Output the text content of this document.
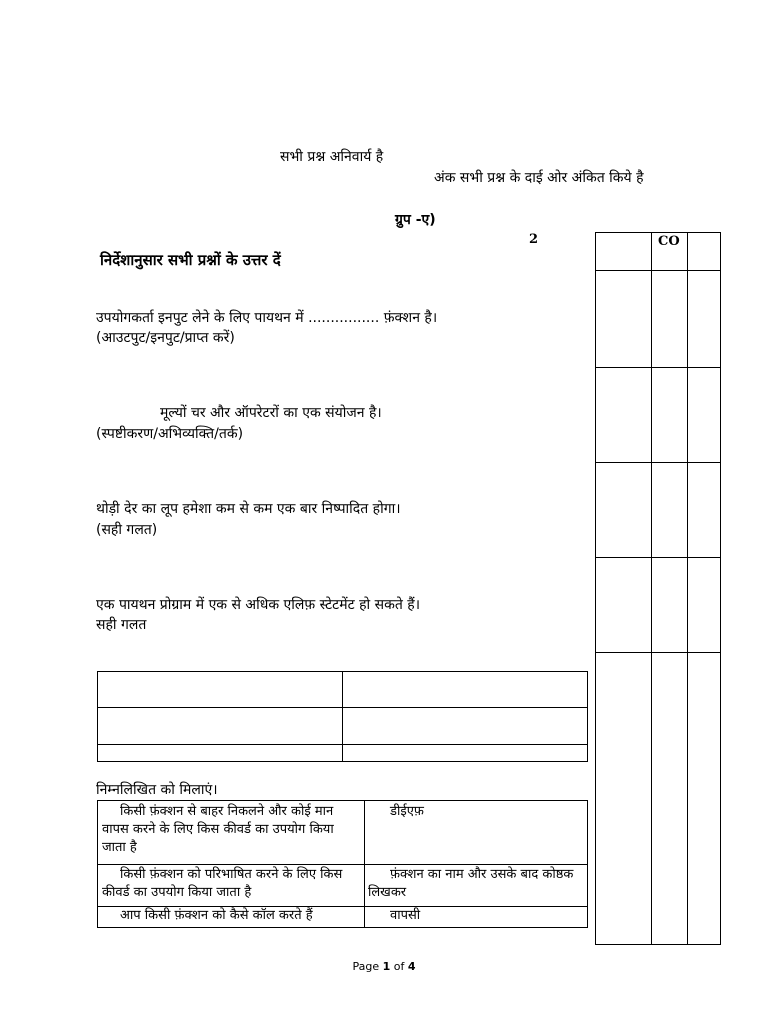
सभी प्रश्न अनिवार्य है
अंक सभी प्रश्न के दाई ओर अंकित किये है
ग्रुप -ए)
2	CO
निर्देशानुसार सभी प्रश्नों के उत्तर दें
उपयोगकर्ता इनपुट लेने के लिए पायथन में ................ फ़ंक्शन है।
(आउटपुट/इनपुट/प्राप्त करें)
मूल्यों चर और ऑपरेटरों का एक संयोजन है।
(स्पष्टीकरण/अभिव्यक्ति/तर्क)
थोड़ी देर का लूप हमेशा कम से कम एक बार निष्पादित होगा।
(सही गलत)
एक पायथन प्रोग्राम में एक से अधिक एलिफ़ स्टेटमेंट हो सकते हैं।
सही गलत
निम्नलिखित को मिलाएं।
किसी फ़ंक्शन से बाहर निकलने और कोई मान वापस करने के लिए किस कीवर्ड का उपयोग किया जाता है
डीईएफ़
किसी फ़ंक्शन को परिभाषित करने के लिए किस कीवर्ड का उपयोग किया जाता है
फ़ंक्शन का नाम और उसके बाद कोष्ठक लिखकर
आप किसी फ़ंक्शन को कैसे कॉल करते हैं	वापसी
Page 1 of 4
